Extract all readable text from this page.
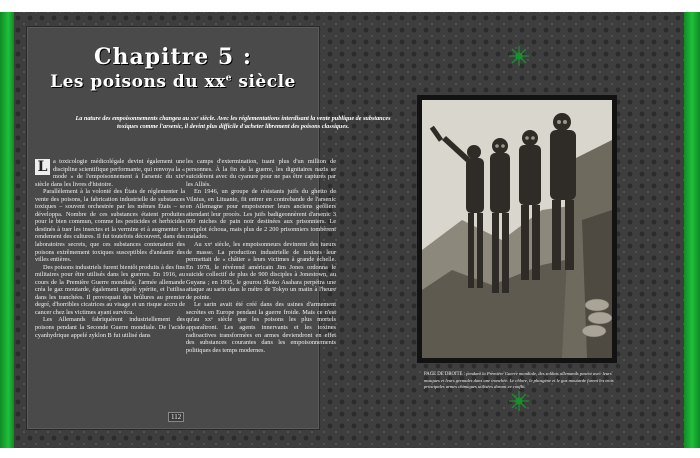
Chapitre 5 :
Les poisons du $xx^e$ siècle
La nature des empoisonnements changea au xxᵉ siècle. Avec les réglementations interdisant la vente publique de substances toxiques comme l'arsenic, il devint plus difficile d'acheter librement des poisons classiques.

L a toxicologie médicolégale devint également une discipline scientifique performante, qui renvoya la « mode » de l'empoisonnement à l'arsenic du xixᵉ siècle dans les livres d'histoire.

Parallèlement à la volonté des États de réglementer la vente des poisons, la fabrication industrielle de substances toxiques – souvent orchestrée par les mêmes États – se développa. Nombre de ces substances étaient produites pour le bien commun, comme les pesticides et herbicides destinés à tuer les insectes et la vermine et à augmenter le rendement des cultures. Il fut toutefois découvert, dans des laboratoires secrets, que ces substances contenaient des poisons extrêmement toxiques susceptibles d'anéantir des villes entières.

Des poisons industriels furent bientôt produits à des fins militaires pour être utilisés dans les guerres. En 1916, au cours de la Première Guerre mondiale, l'armée allemande créa le gaz moutarde, également appelé ypérite, et l'utilisa dans les tranchées. Il provoquait des brûlures au premier degré, d'horribles cicatrices au visage et un risque accru de cancer chez les victimes ayant survécu.

Les Allemands fabriquèrent industriellement des poisons pendant la Seconde Guerre mondiale. De l'acide cyanhydrique appelé zyklon B fut utilisé dans

les camps d'extermination, tuant plus d'un million de personnes. À la fin de la guerre, les dignitaires nazis se suicidèrent avec du cyanure pour ne pas être capturés par les Alliés.

En 1946, un groupe de résistants juifs du ghetto de Vilnius, en Lituanie, fit entrer en contrebande de l'arsenic en Allemagne pour empoisonner leurs anciens geôliers attendant leur procès. Les juifs badigeonnèrent d'arsenic 3 000 miches de pain noir destinées aux prisonniers. Le complot échoua, mais plus de 2 200 prisonniers tombèrent malades.

Au xxᵉ siècle, les empoisonneurs devinrent des tueurs de masse. La production industrielle de toxines leur permettait de « châtier » leurs victimes à grande échelle. En 1978, le révérend américain Jim Jones ordonna le suicide collectif de plus de 900 disciples à Jonestown, au Guyana ; en 1995, le gourou Shoko Asahara perpétra une attaque au sarin dans le métro de Tokyo un matin à l'heure de pointe.

Le sarin avait été créé dans des usines d'armement secrètes en Europe pendant la guerre froide. Mais ce n'est qu'au xxᵉ siècle que les poisons les plus mortels apparaîtront. Les agents innervants et les toxines radioactives transformées en armes deviendront en effet des substances courantes dans les empoisonnements politiques des temps modernes.

112
PAGE DE DROITE : pendant la Première Guerre mondiale, des soldats allemands posent avec leurs masques et leurs grenades dans une tranchée. Le chlore, le phosgène et le gaz moutarde furent les trois principales armes chimiques utilisées durant ce conflit.
